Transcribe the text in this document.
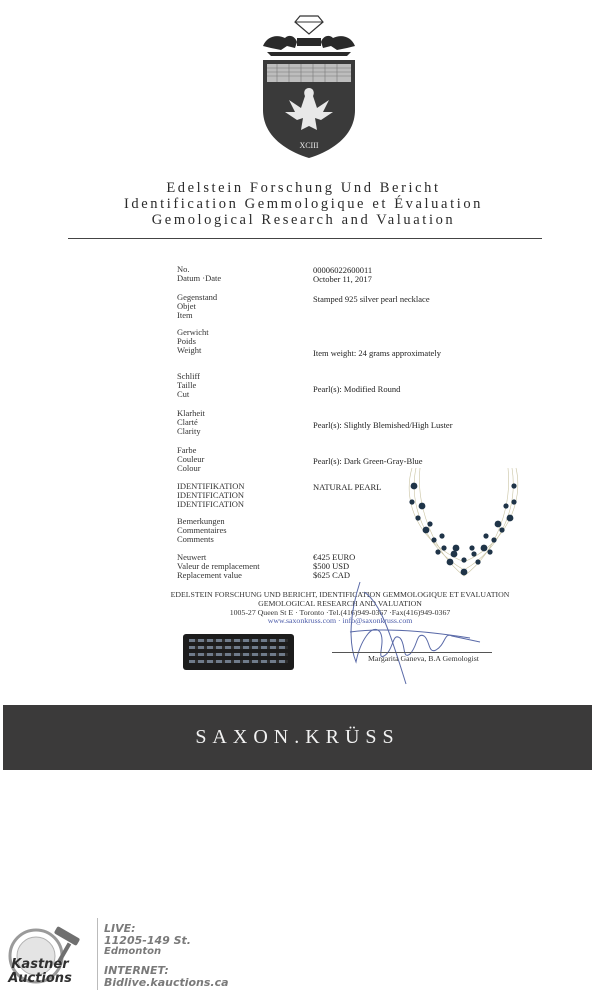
XCIII
Edelstein Forschung Und Bericht
Identification Gemmologique et Évaluation
Gemological Research and Valuation
No.
Datum ·Date
00006022600011
October 11, 2017
Gegenstand
Objet
Item
Stamped 925 silver pearl necklace
Gerwicht
Poids
Weight	Item weight: 24 grams approximately
Schliff
Taille
Cut	Pearl(s): Modified Round
Klarheit
Clarté
Clarity
Pearl(s): Slightly Blemished/High Luster
Farbe
Couleur
Colour
Pearl(s): Dark Green-Gray-Blue
IDENTIFIKATION
IDENTIFICATION
IDENTIFICATION
NATURAL PEARL
Bemerkungen
Commentaires
Comments
Neuwert
Valeur de remplacement
Replacement value
€425 EURO
$500 USD
$625 CAD
EDELSTEIN FORSCHUNG UND BERICHT, IDENTIFICATION GEMMOLOGIQUE ET EVALUATION
GEMOLOGICAL RESEARCH AND VALUATION
1005-27 Queen St E · Toronto ·Tel.(416)949-0367 ·Fax(416)949-0367
www.saxonkruss.com · info@saxonkruss.com
Margarita Ganeva, B.A Gemologist
SAXON.KRÜSS
Kastner
Auctions
LIVE:
11205-149 St.
Edmonton
INTERNET:
Bidlive.kauctions.ca
